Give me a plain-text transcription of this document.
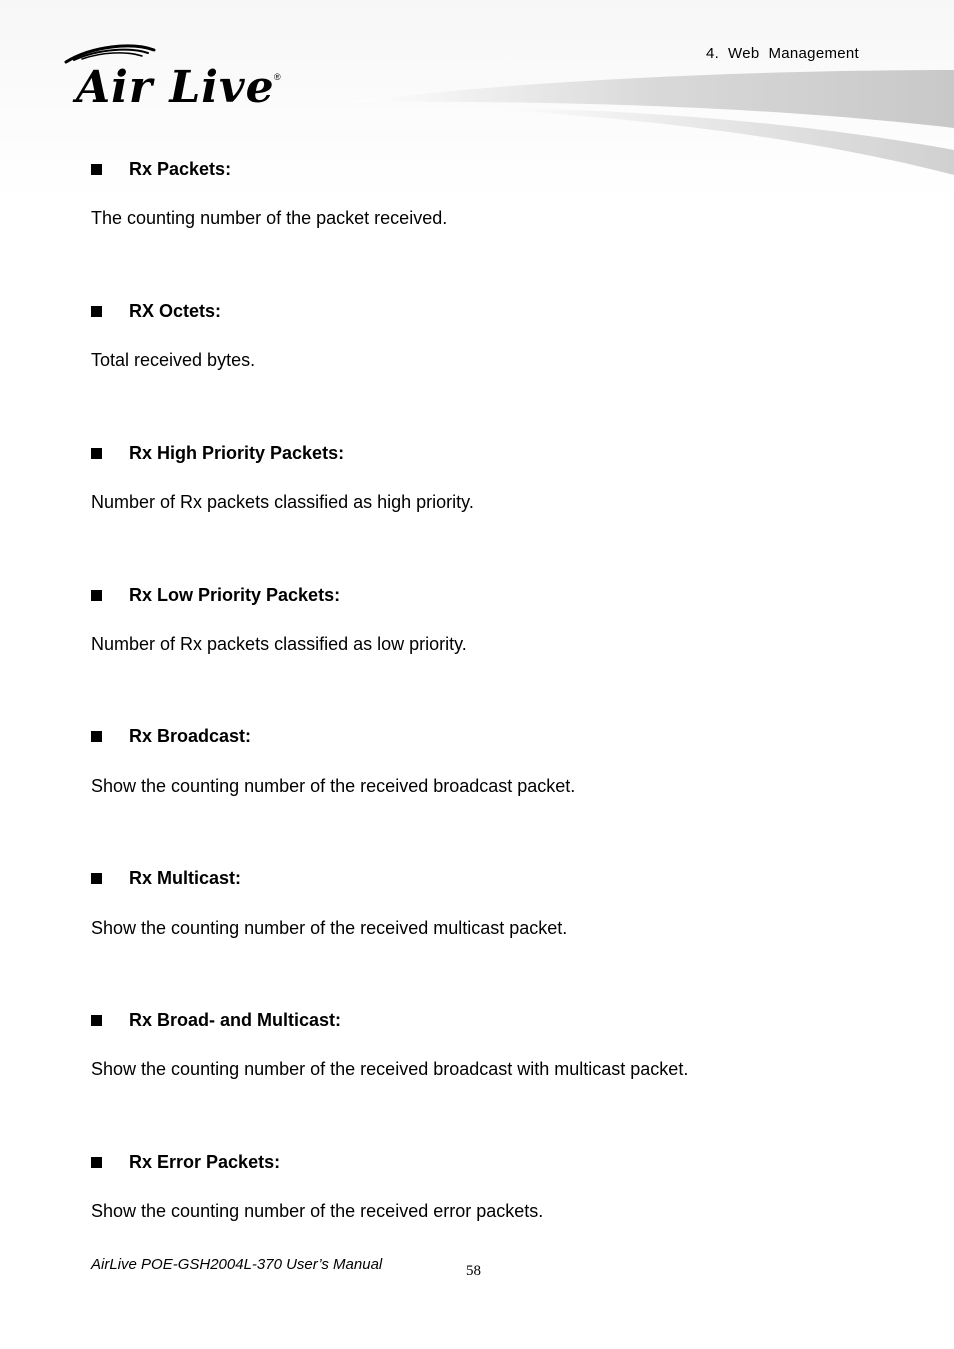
4.  Web  Management
Air Live ®
Rx Packets:
The counting number of the packet received.
RX Octets:
Total received bytes.
Rx High Priority Packets:
Number of Rx packets classified as high priority.
Rx Low Priority Packets:
Number of Rx packets classified as low priority.
Rx Broadcast:
Show the counting number of the received broadcast packet.
Rx Multicast:
Show the counting number of the received multicast packet.
Rx Broad- and Multicast:
Show the counting number of the received broadcast with multicast packet.
Rx Error Packets:
Show the counting number of the received error packets.
AirLive POE-GSH2004L-370 User’s Manual	58
